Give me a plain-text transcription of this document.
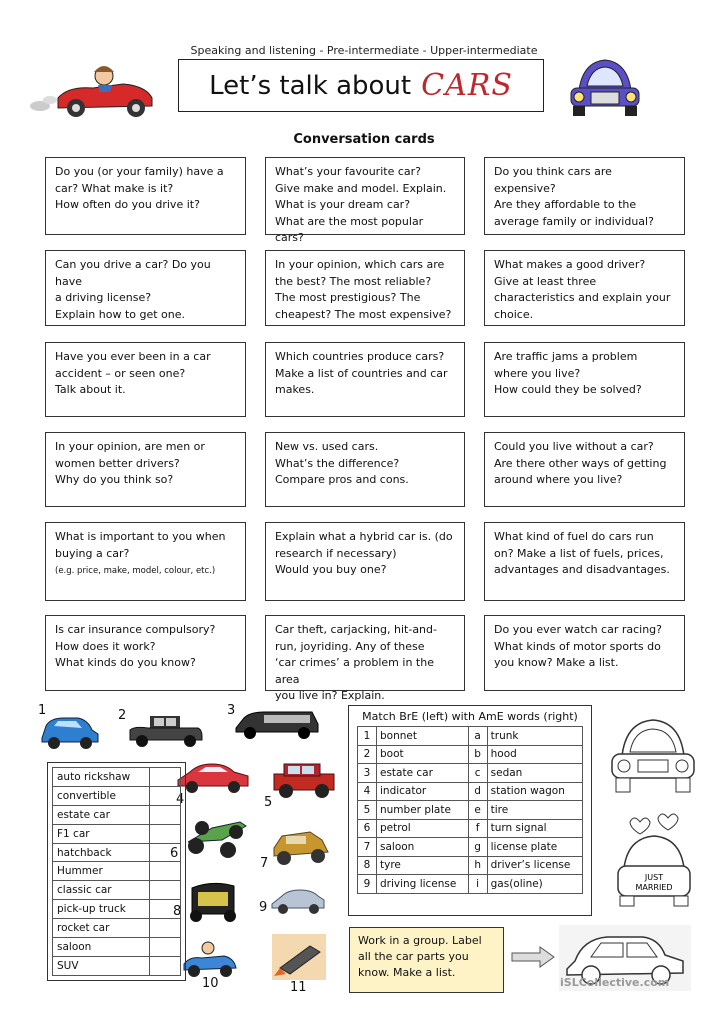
Speaking and listening - Pre-intermediate - Upper-intermediate
Let’s talk about CARS
Conversation cards
Do you (or your family) have a
car? What make is it?
How often do you drive it?
What’s your favourite car?
Give make and model. Explain.
What is your dream car?
What are the most popular cars?
Do you think cars are expensive?
Are they affordable to the
average family or individual?
Can you drive a car? Do you have
a driving license?
Explain how to get one.
In your opinion, which cars are
the best? The most reliable?
The most prestigious? The
cheapest? The most expensive?
What makes a good driver?
Give at least three
characteristics and explain your
choice.
Have you ever been in a car
accident – or seen one?
Talk about it.
Which countries produce cars?
Make a list of countries and car
makes.
Are traffic jams a problem
where you live?
How could they be solved?
In your opinion, are men or
women better drivers?
Why do you think so?
New vs. used cars.
What’s the difference?
Compare pros and cons.
Could you live without a car?
Are there other ways of getting
around where you live?
What is important to you when
buying a car?
(e.g. price, make, model, colour, etc.)
Explain what a hybrid car is. (do
research if necessary)
Would you buy one?
What kind of fuel do cars run
on? Make a list of fuels, prices,
advantages and disadvantages.
Is car insurance compulsory?
How does it work?
What kinds do you know?
Car theft, carjacking, hit-and-
run, joyriding. Any of these
‘car crimes’ a problem in the area
you live in? Explain.
Do you ever watch car racing?
What kinds of motor sports do
you know? Make a list.
1	2	3
4	5
6
7
8	9
10	11
auto rickshaw	
convertible	
estate car	
F1 car	
hatchback	
Hummer	
classic car	
pick-up truck	
rocket car	
saloon	
SUV	
Match BrE (left) with AmE words (right)
1	bonnet	a	trunk
2	boot	b	hood
3	estate car	c	sedan
4	indicator	d	station wagon
5	number plate	e	tire
6	petrol	f	turn signal
7	saloon	g	license plate
8	tyre	h	driver’s license
9	driving license	i	gas(oline)
JUST
MARRIED
Work in a group. Label
all the car parts you
know. Make a list.
iSLCollective.com
